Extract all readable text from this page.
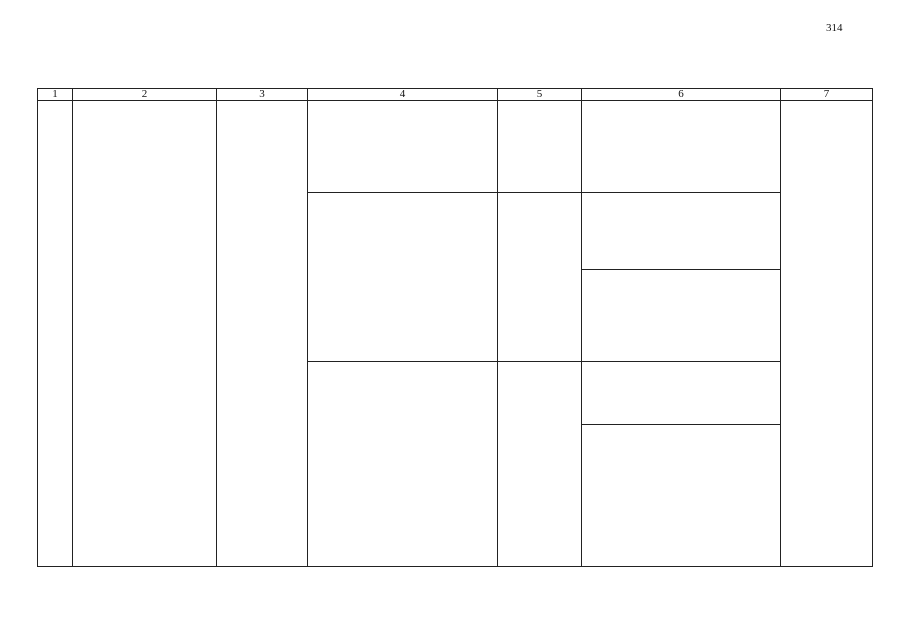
314
1	2	3	4	5	6	7
